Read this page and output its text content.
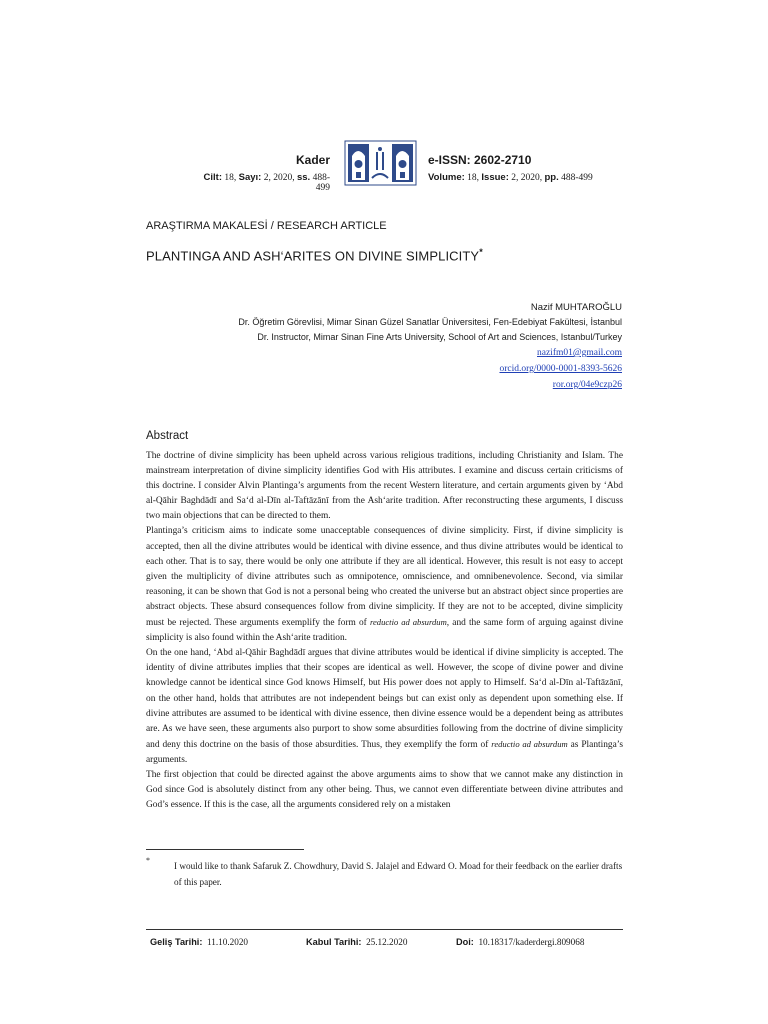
Kader
Cilt: 18, Sayı: 2, 2020, ss. 488-499
e-ISSN: 2602-2710
Volume: 18, Issue: 2, 2020, pp. 488-499
ARAŞTIRMA MAKALESİ / RESEARCH ARTICLE
PLANTINGA AND ASH‘ARITES ON DIVINE SIMPLICITY*
Nazif MUHTAROĞLU
Dr. Öğretim Görevlisi, Mimar Sinan Güzel Sanatlar Üniversitesi, Fen-Edebiyat Fakültesi, İstanbul
Dr. Instructor, Mimar Sinan Fine Arts University, School of Art and Sciences, Istanbul/Turkey
nazifm01@gmail.com
orcid.org/0000-0001-8393-5626
ror.org/04e9czp26
Abstract

The doctrine of divine simplicity has been upheld across various religious traditions, including Christianity and Islam. The mainstream interpretation of divine simplicity identifies God with His attributes. I examine and discuss certain criticisms of this doctrine. I consider Alvin Plantinga’s arguments from the recent Western literature, and certain arguments given by ‘Abd al-Qāhir Baghdādī and Sa‘d al-Dīn al-Taftāzānī from the Ash‘arite tradition. After reconstructing these arguments, I discuss two main objections that can be directed to them.

Plantinga’s criticism aims to indicate some unacceptable consequences of divine simplicity. First, if divine simplicity is accepted, then all the divine attributes would be identical with divine essence, and thus divine attributes would be identical to each other. That is to say, there would be only one attribute if they are all identical. However, this result is not easy to accept given the multiplicity of divine attributes such as omnipotence, omniscience, and omnibenevolence. Second, via similar reasoning, it can be shown that God is not a personal being who created the universe but an abstract object since properties are abstract objects. These absurd consequences follow from divine simplicity. If they are not to be accepted, divine simplicity must be rejected. These arguments exemplify the form of reductio ad absurdum, and the same form of arguing against divine simplicity is also found within the Ash‘arite tradition.

On the one hand, ‘Abd al-Qāhir Baghdādī argues that divine attributes would be identical if divine simplicity is accepted. The identity of divine attributes implies that their scopes are identical as well. However, the scope of divine power and divine knowledge cannot be identical since God knows Himself, but His power does not apply to Himself. Sa‘d al-Dīn al-Taftāzānī, on the other hand, holds that attributes are not independent beings but can exist only as dependent upon something else. If divine attributes are assumed to be identical with divine essence, then divine essence would be a dependent being as attributes are. As we have seen, these arguments also purport to show some absurdities following from the doctrine of divine simplicity and deny this doctrine on the basis of those absurdities. Thus, they exemplify the form of reductio ad absurdum as Plantinga’s arguments.

The first objection that could be directed against the above arguments aims to show that we cannot make any distinction in God since God is absolutely distinct from any other being. Thus, we cannot even differentiate between divine attributes and God’s essence. If this is the case, all the arguments considered rely on a mistaken

*
I would like to thank Safaruk Z. Chowdhury, David S. Jalajel and Edward O. Moad for their feedback on the earlier drafts of this paper.
Geliş Tarihi: 11.10.2020	Kabul Tarihi: 25.12.2020	Doi: 10.18317/kaderdergi.809068
